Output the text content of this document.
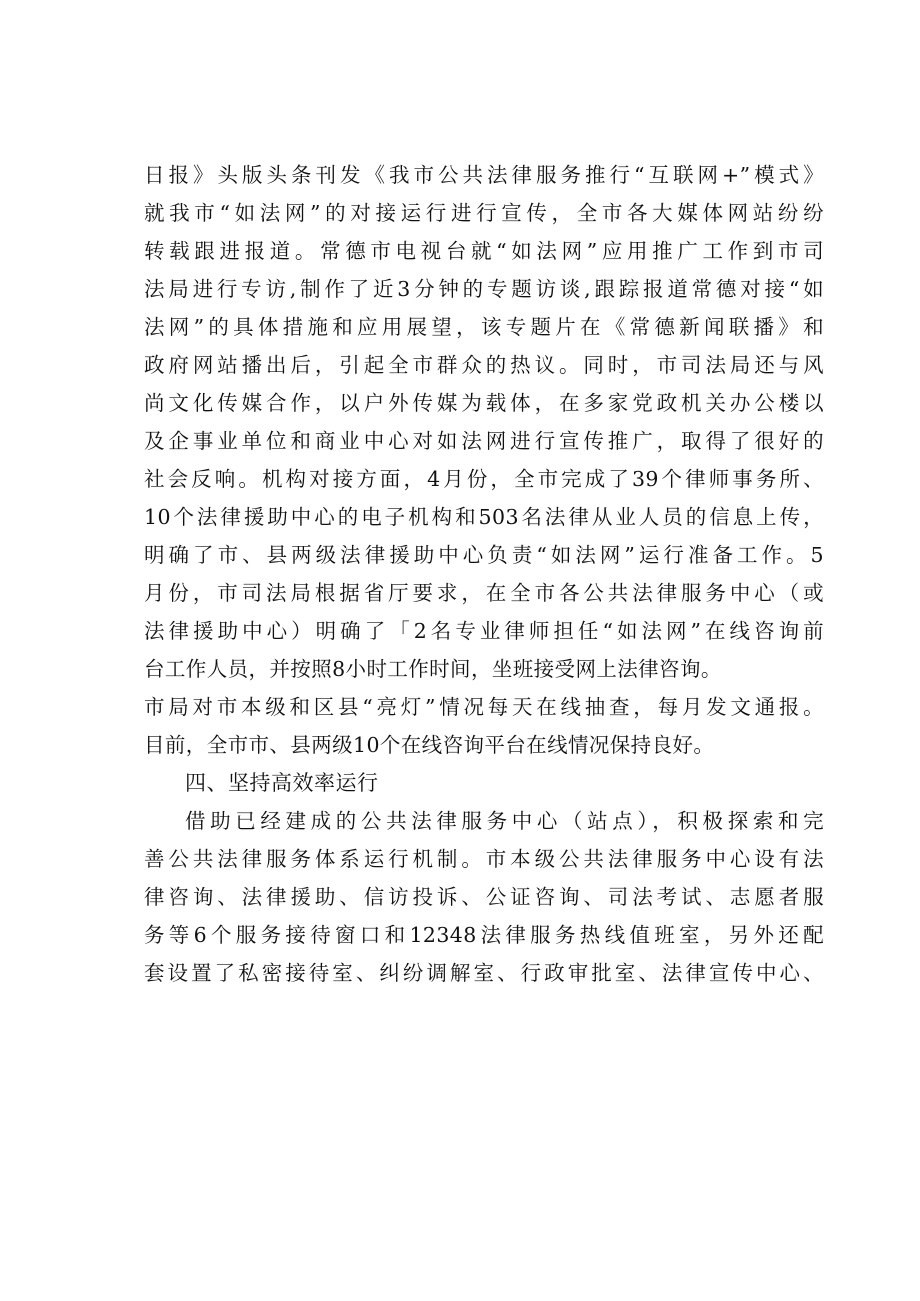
日报》头版头条刊发《我市公共法律服务推行“互联网+”模式》
就我市“如法网”的对接运行进行宣传，全市各大媒体网站纷纷
转载跟进报道。常德市电视台就“如法网”应用推广工作到市司
法局进行专访,制作了近3分钟的专题访谈,跟踪报道常德对接“如
法网”的具体措施和应用展望，该专题片在《常德新闻联播》和
政府网站播出后，引起全市群众的热议。同时，市司法局还与风
尚文化传媒合作，以户外传媒为载体，在多家党政机关办公楼以
及企事业单位和商业中心对如法网进行宣传推广，取得了很好的
社会反响。机构对接方面，4月份，全市完成了39个律师事务所、
10个法律援助中心的电子机构和503名法律从业人员的信息上传，
明确了市、县两级法律援助中心负责“如法网”运行准备工作。5
月份，市司法局根据省厅要求，在全市各公共法律服务中心（或
法律援助中心）明确了「2名专业律师担任“如法网”在线咨询前
台工作人员，并按照8小时工作时间，坐班接受网上法律咨询。
市局对市本级和区县“亮灯”情况每天在线抽查，每月发文通报。
目前，全市市、县两级10个在线咨询平台在线情况保持良好。
四、坚持高效率运行
借助已经建成的公共法律服务中心（站点），积极探索和完
善公共法律服务体系运行机制。市本级公共法律服务中心设有法
律咨询、法律援助、信访投诉、公证咨询、司法考试、志愿者服
务等6个服务接待窗口和12348法律服务热线值班室，另外还配
套设置了私密接待室、纠纷调解室、行政审批室、法律宣传中心、
